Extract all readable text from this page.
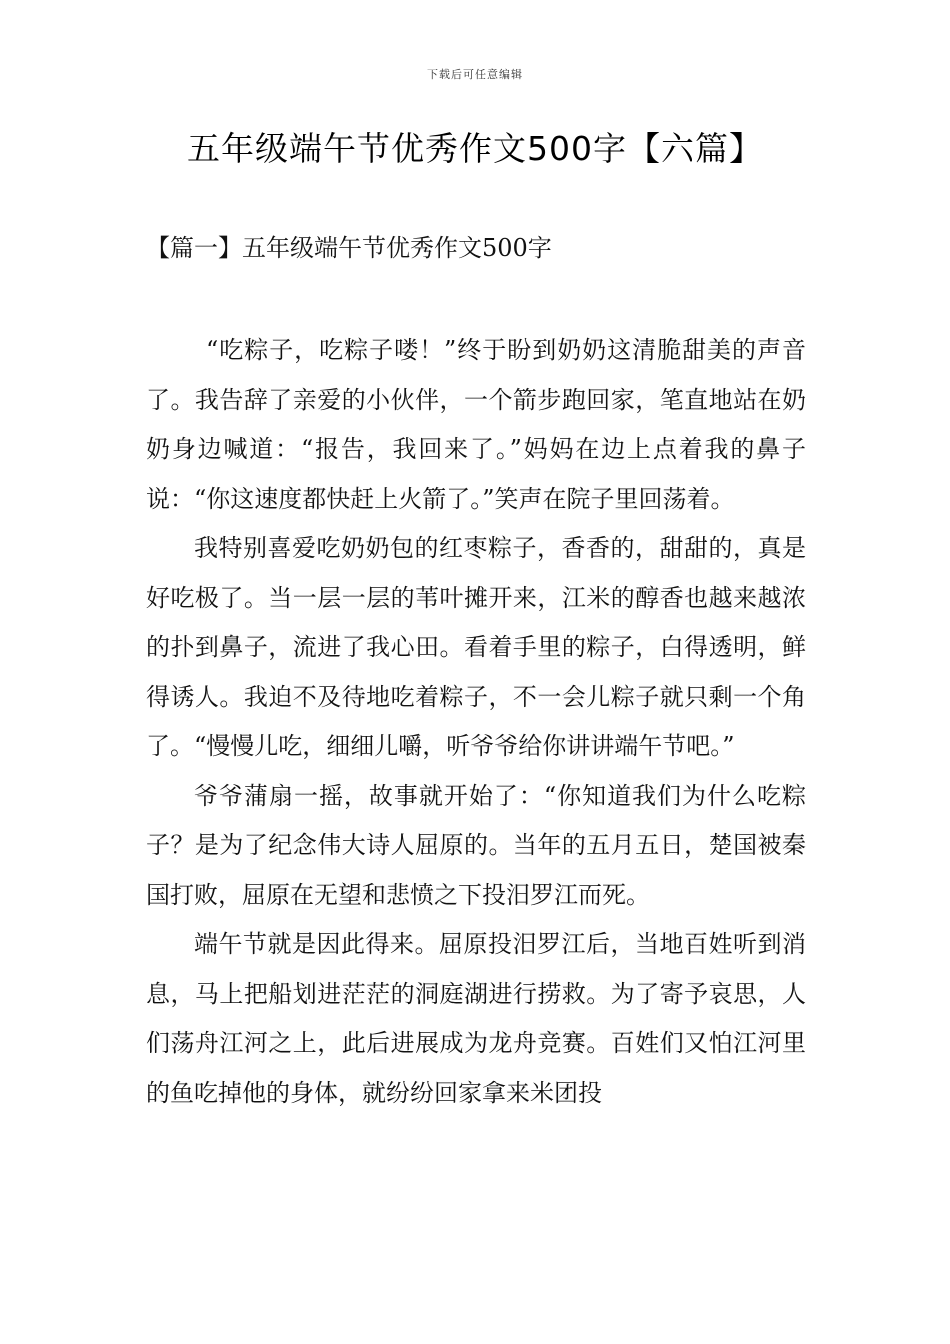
下载后可任意编辑
五年级端午节优秀作文500字【六篇】
【篇一】五年级端午节优秀作文500字

“吃粽子，吃粽子喽！”终于盼到奶奶这清脆甜美的声音了。我告辞了亲爱的小伙伴，一个箭步跑回家，笔直地站在奶奶身边喊道：“报告，我回来了。”妈妈在边上点着我的鼻子说：“你这速度都快赶上火箭了。”笑声在院子里回荡着。

我特别喜爱吃奶奶包的红枣粽子，香香的，甜甜的，真是好吃极了。当一层一层的苇叶摊开来，江米的醇香也越来越浓的扑到鼻子，流进了我心田。看着手里的粽子，白得透明，鲜得诱人。我迫不及待地吃着粽子，不一会儿粽子就只剩一个角了。“慢慢儿吃，细细儿嚼，听爷爷给你讲讲端午节吧。”

爷爷蒲扇一摇，故事就开始了：“你知道我们为什么吃粽子？是为了纪念伟大诗人屈原的。当年的五月五日，楚国被秦国打败，屈原在无望和悲愤之下投汨罗江而死。

端午节就是因此得来。屈原投汨罗江后，当地百姓听到消息，马上把船划进茫茫的洞庭湖进行捞救。为了寄予哀思，人们荡舟江河之上，此后进展成为龙舟竞赛。百姓们又怕江河里的鱼吃掉他的身体，就纷纷回家拿来米团投
